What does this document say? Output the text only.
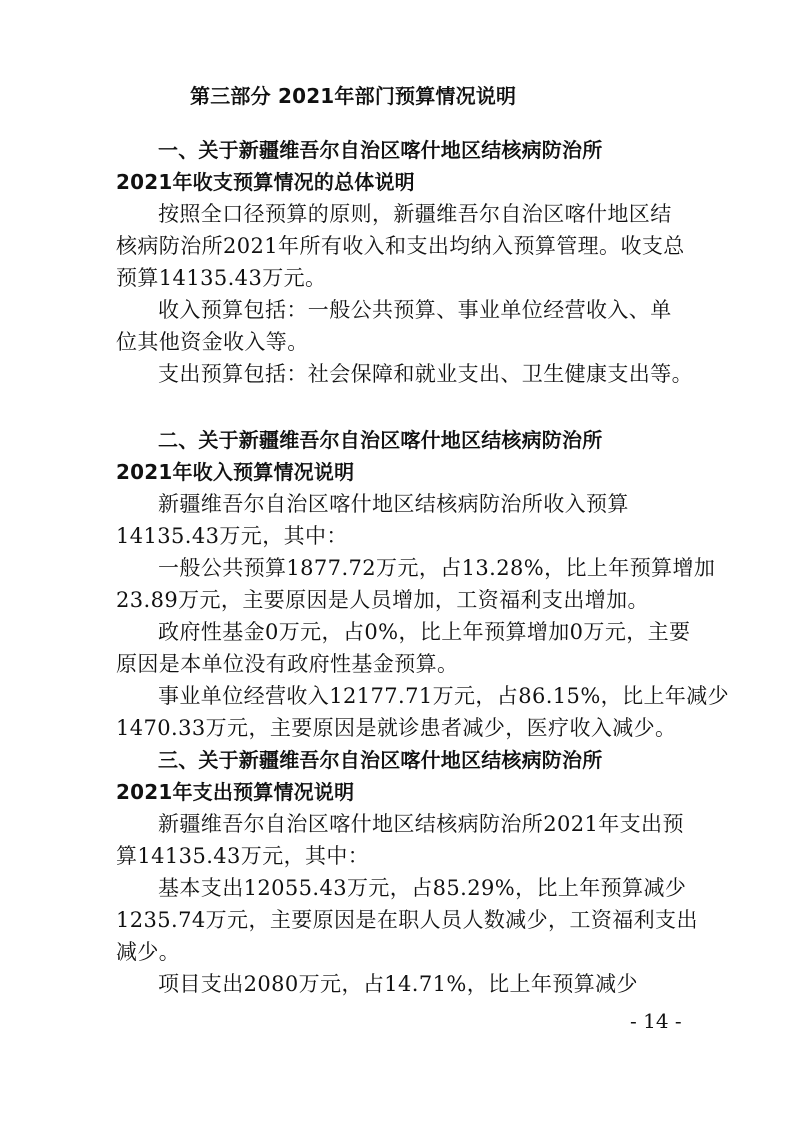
第三部分 2021年部门预算情况说明
一、关于新疆维吾尔自治区喀什地区结核病防治所
2021年收支预算情况的总体说明
按照全口径预算的原则，新疆维吾尔自治区喀什地区结
核病防治所2021年所有收入和支出均纳入预算管理。收支总
预算14135.43万元。
收入预算包括：一般公共预算、事业单位经营收入、单
位其他资金收入等。
支出预算包括：社会保障和就业支出、卫生健康支出等。
二、关于新疆维吾尔自治区喀什地区结核病防治所
2021年收入预算情况说明
新疆维吾尔自治区喀什地区结核病防治所收入预算
14135.43万元，其中：
一般公共预算1877.72万元，占13.28%，比上年预算增加
23.89万元，主要原因是人员增加，工资福利支出增加。
政府性基金0万元，占0%，比上年预算增加0万元，主要
原因是本单位没有政府性基金预算。
事业单位经营收入12177.71万元，占86.15%，比上年减少
1470.33万元，主要原因是就诊患者减少，医疗收入减少。
三、关于新疆维吾尔自治区喀什地区结核病防治所
2021年支出预算情况说明
新疆维吾尔自治区喀什地区结核病防治所2021年支出预
算14135.43万元，其中：
基本支出12055.43万元，占85.29%，比上年预算减少
1235.74万元，主要原因是在职人员人数减少，工资福利支出
减少。
项目支出2080万元，占14.71%，比上年预算减少
- 14 -
